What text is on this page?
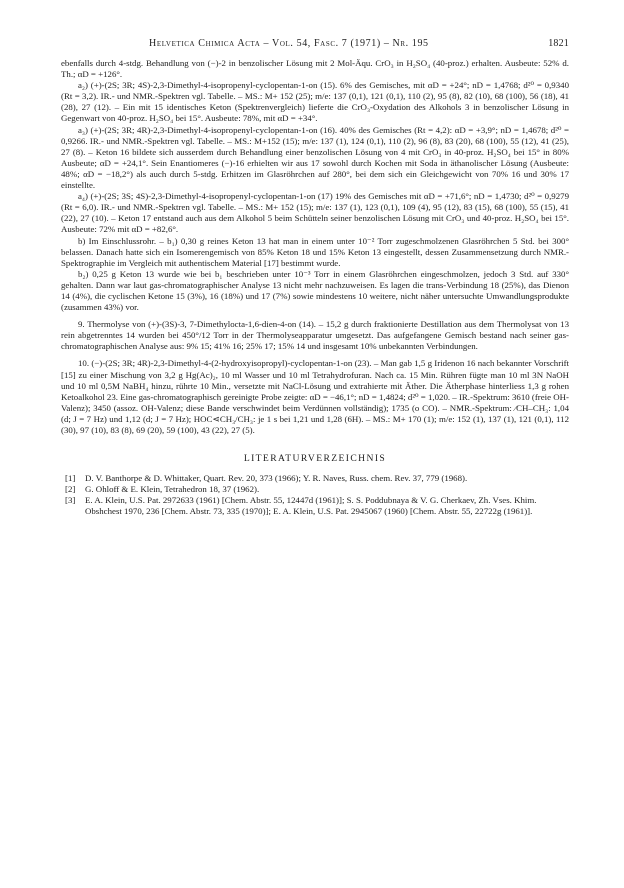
Helvetica Chimica Acta – Vol. 54, Fasc. 7 (1971) – Nr. 195	1821

ebenfalls durch 4-stdg. Behandlung von (−)-2 in benzolischer Lösung mit 2 Mol-Äqu. CrO₃ in H₂SO₄ (40-proz.) erhalten. Ausbeute: 52% d. Th.; αD = +126°.

a₂) (+)-(2S; 3R; 4S)-2,3-Dimethyl-4-isopropenyl-cyclopentan-1-on (15). 6% des Gemisches, mit αD = +24°; nD = 1,4768; d²⁰ = 0,9340 (Rt = 3,2). IR.- und NMR.-Spektren vgl. Tabelle. – MS.: M+ 152 (25); m/e: 137 (0,1), 121 (0,1), 110 (2), 95 (8), 82 (10), 68 (100), 56 (18), 41 (28), 27 (12). – Ein mit 15 identisches Keton (Spektrenvergleich) lieferte die CrO₃-Oxydation des Alkohols 3 in benzolischer Lösung in Gegenwart von 40-proz. H₂SO₄ bei 15°. Ausbeute: 78%, mit αD = +34°.

a₃) (+)-(2S; 3R; 4R)-2,3-Dimethyl-4-isopropenyl-cyclopentan-1-on (16). 40% des Gemisches (Rt = 4,2): αD = +3,9°; nD = 1,4678; d²⁰ = 0,9266. IR.- und NMR.-Spektren vgl. Tabelle. – MS.: M+152 (15); m/e: 137 (1), 124 (0,1), 110 (2), 96 (8), 83 (20), 68 (100), 55 (12), 41 (25), 27 (8). – Keton 16 bildete sich ausserdem durch Behandlung einer benzolischen Lösung von 4 mit CrO₃ in 40-proz. H₂SO₄ bei 15° in 80% Ausbeute; αD = +24,1°. Sein Enantiomeres (−)-16 erhielten wir aus 17 sowohl durch Kochen mit Soda in äthanolischer Lösung (Ausbeute: 48%; αD = −18,2°) als auch durch 5-stdg. Erhitzen im Glasröhrchen auf 280°, bei dem sich ein Gleichgewicht von 70% 16 und 30% 17 einstellte.

a₄) (+)-(2S; 3S; 4S)-2,3-Dimethyl-4-isopropenyl-cyclopentan-1-on (17) 19% des Gemisches mit αD = +71,6°; nD = 1,4730; d²⁰ = 0,9279 (Rt = 6,0). IR.- und NMR.-Spektren vgl. Tabelle. – MS.: M+ 152 (15); m/e: 137 (1), 123 (0,1), 109 (4), 95 (12), 83 (15), 68 (100), 55 (15), 41 (22), 27 (10). – Keton 17 entstand auch aus dem Alkohol 5 beim Schütteln seiner benzolischen Lösung mit CrO₃ und 40-proz. H₂SO₄ bei 15°. Ausbeute: 72% mit αD = +82,6°.

b) Im Einschlussrohr. – b₁) 0,30 g reines Keton 13 hat man in einem unter 10⁻² Torr zugeschmolzenen Glasröhrchen 5 Std. bei 300° belassen. Danach hatte sich ein Isomerengemisch von 85% Keton 18 und 15% Keton 13 eingestellt, dessen Zusammensetzung durch NMR.-Spektrographie im Vergleich mit authentischem Material [17] bestimmt wurde.

b₂) 0,25 g Keton 13 wurde wie bei b₁ beschrieben unter 10⁻³ Torr in einem Glasröhrchen eingeschmolzen, jedoch 3 Std. auf 330° gehalten. Dann war laut gas-chromatographischer Analyse 13 nicht mehr nachzuweisen. Es lagen die trans-Verbindung 18 (25%), das Dienon 14 (4%), die cyclischen Ketone 15 (3%), 16 (18%) und 17 (7%) sowie mindestens 10 weitere, nicht näher untersuchte Umwandlungsprodukte (zusammen 43%) vor.

9. Thermolyse von (+)-(3S)-3, 7-Dimethylocta-1,6-dien-4-on (14). – 15,2 g durch fraktionierte Destillation aus dem Thermolysat von 13 rein abgetrenntes 14 wurden bei 450°/12 Torr in der Thermolyseapparatur umgesetzt. Das aufgefangene Gemisch bestand nach seiner gas-chromatographischen Analyse aus: 9% 15; 41% 16; 25% 17; 15% 14 und insgesamt 10% unbekannten Verbindungen.

10. (−)-(2S; 3R; 4R)-2,3-Dimethyl-4-(2-hydroxyisopropyl)-cyclopentan-1-on (23). – Man gab 1,5 g Iridenon 16 nach bekannter Vorschrift [15] zu einer Mischung von 3,2 g Hg(Ac)₂, 10 ml Wasser und 10 ml Tetrahydrofuran. Nach ca. 15 Min. Rühren fügte man 10 ml 3N NaOH und 10 ml 0,5M NaBH₄ hinzu, rührte 10 Min., versetzte mit NaCl-Lösung und extrahierte mit Äther. Die Ätherphase hinterliess 1,3 g rohen Ketoalkohol 23. Eine gas-chromatographisch gereinigte Probe zeigte: αD = −46,1°; nD = 1,4824; d²⁰ = 1,020. – IR.-Spektrum: 3610 (freie OH-Valenz); 3450 (assoz. OH-Valenz; diese Bande verschwindet beim Verdünnen vollständig); 1735 (o CO). – NMR.-Spektrum: ⁄CH–CH₃: 1,04 (d; J = 7 Hz) und 1,12 (d; J = 7 Hz); HOC⋖CH₃/CH₃: je 1 s bei 1,21 und 1,28 (6H). – MS.: M+ 170 (1); m/e: 152 (1), 137 (1), 121 (0,1), 112 (30), 97 (10), 83 (8), 69 (20), 59 (100), 43 (22), 27 (5).

LITERATURVERZEICHNIS
[1]	D. V. Banthorpe & D. Whittaker, Quart. Rev. 20, 373 (1966); Y. R. Naves, Russ. chem. Rev. 37, 779 (1968).
[2]	G. Ohloff & E. Klein, Tetrahedron 18, 37 (1962).
[3]	E. A. Klein, U.S. Pat. 2972633 (1961) [Chem. Abstr. 55, 12447d (1961)]; S. S. Poddubnaya & V. G. Cherkaev, Zh. Vses. Khim. Obshchest 1970, 236 [Chem. Abstr. 73, 335 (1970)]; E. A. Klein, U.S. Pat. 2945067 (1960) [Chem. Abstr. 55, 22722g (1961)].
